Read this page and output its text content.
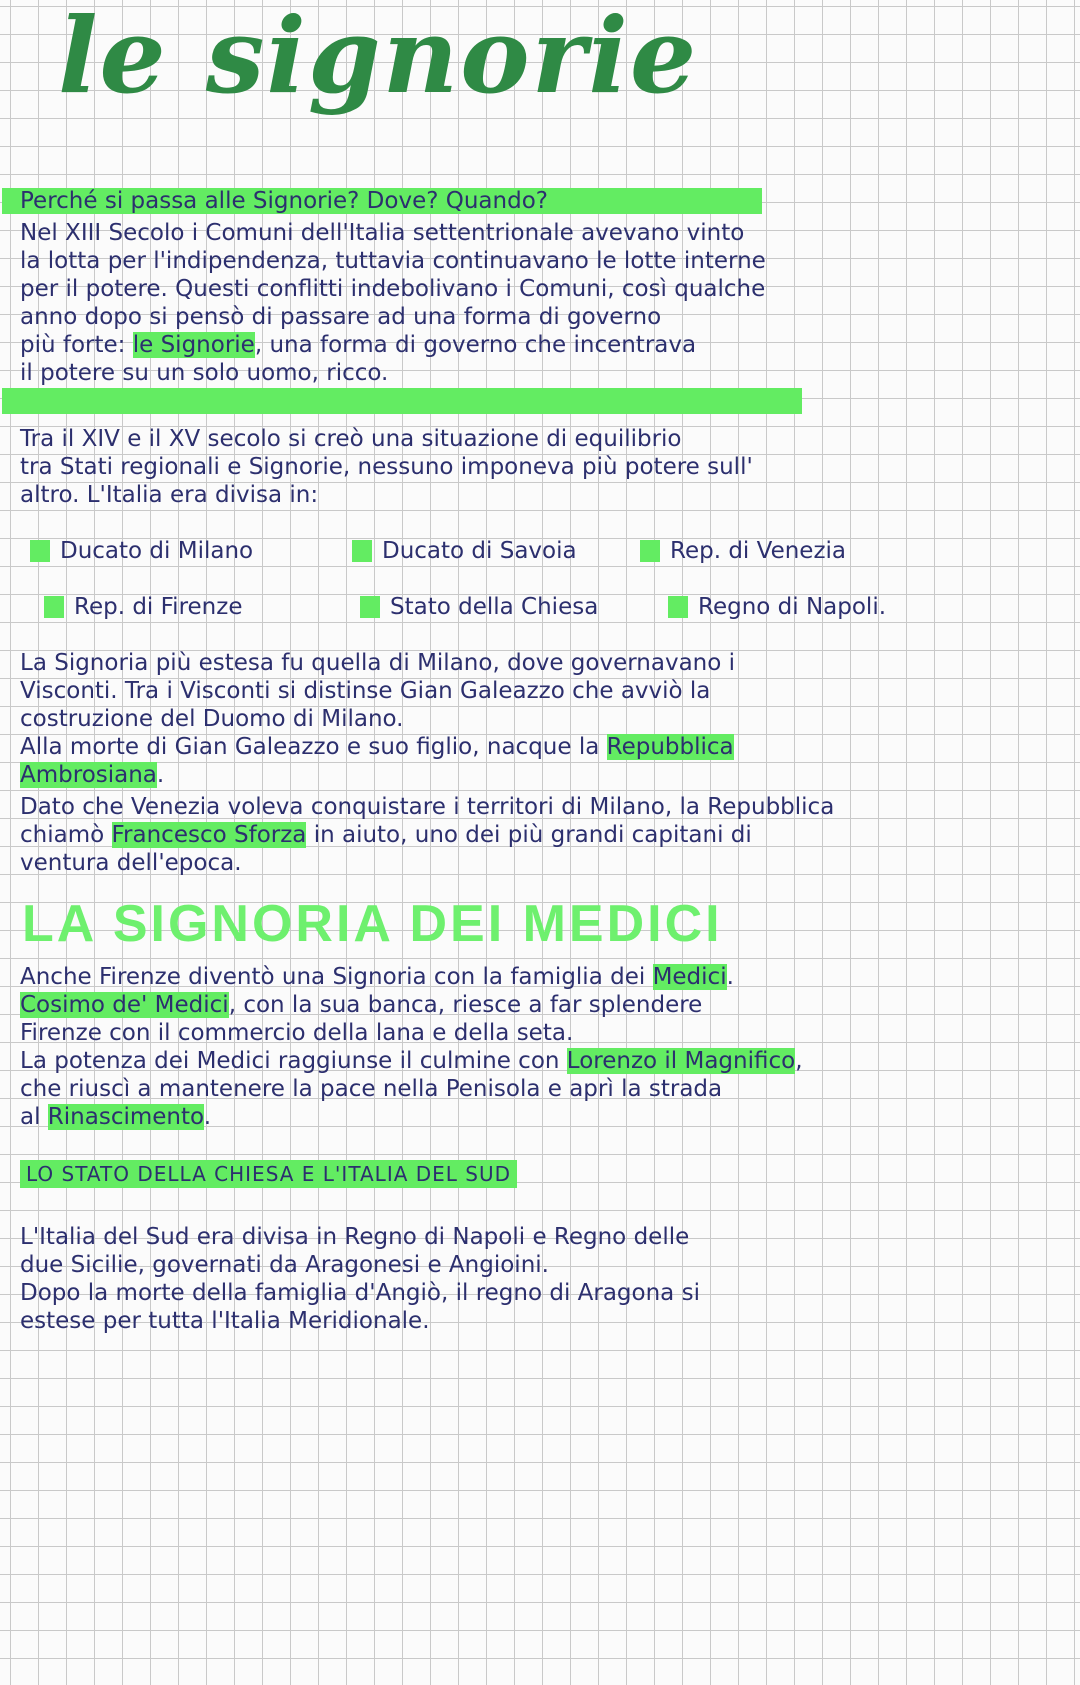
le signorie
Perché si passa alle Signorie? Dove? Quando?
Nel XIII Secolo i Comuni dell'Italia settentrionale avevano vinto
la lotta per l'indipendenza, tuttavia continuavano le lotte interne
per il potere. Questi conflitti indebolivano i Comuni, così qualche
anno dopo si pensò di passare ad una forma di governo
più forte: le Signorie, una forma di governo che incentrava
il potere su un solo uomo, ricco.
Tra il XIV e il XV secolo si creò una situazione di equilibrio
tra Stati regionali e Signorie, nessuno imponeva più potere sull'
altro. L'Italia era divisa in:
Ducato di Milano	Ducato di Savoia	Rep. di Venezia
Rep. di Firenze	Stato della Chiesa	Regno di Napoli.
La Signoria più estesa fu quella di Milano, dove governavano i
Visconti. Tra i Visconti si distinse Gian Galeazzo che avviò la
costruzione del Duomo di Milano.
Alla morte di Gian Galeazzo e suo figlio, nacque la Repubblica
Ambrosiana.
Dato che Venezia voleva conquistare i territori di Milano, la Repubblica
chiamò Francesco Sforza in aiuto, uno dei più grandi capitani di
ventura dell'epoca.
LA SIGNORIA DEI MEDICI
Anche Firenze diventò una Signoria con la famiglia dei Medici.
Cosimo de' Medici, con la sua banca, riesce a far splendere
Firenze con il commercio della lana e della seta.
La potenza dei Medici raggiunse il culmine con Lorenzo il Magnifico,
che riuscì a mantenere la pace nella Penisola e aprì la strada
al Rinascimento.
LO STATO DELLA CHIESA E L'ITALIA DEL SUD
L'Italia del Sud era divisa in Regno di Napoli e Regno delle
due Sicilie, governati da Aragonesi e Angioini.
Dopo la morte della famiglia d'Angiò, il regno di Aragona si
estese per tutta l'Italia Meridionale.
